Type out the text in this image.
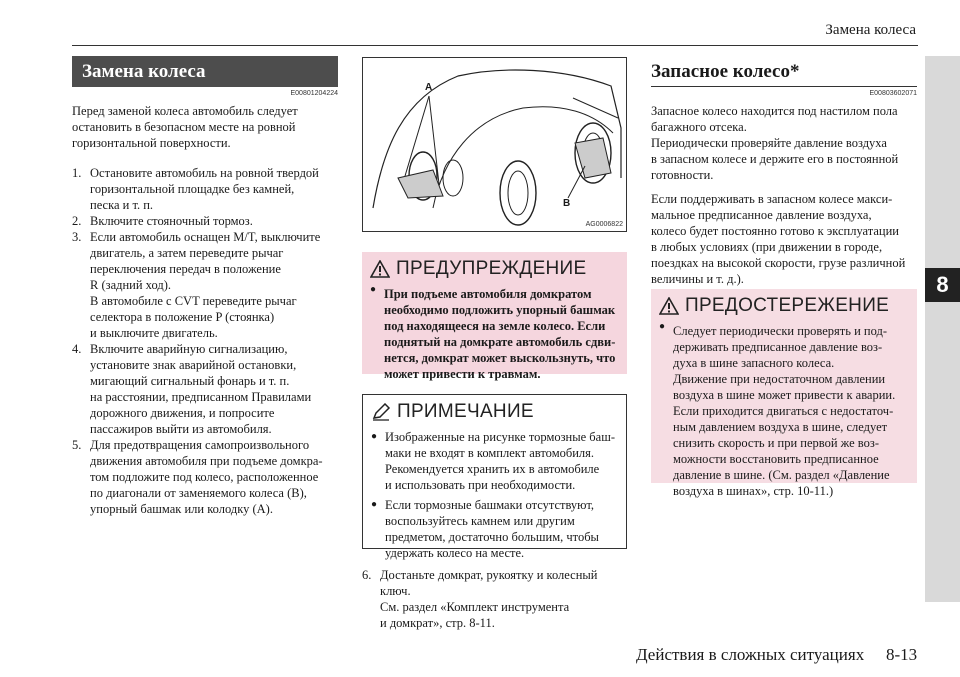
Замена колеса
8
Замена колеса
E00801204224
Перед заменой колеса автомобиль следует
остановить в безопасном месте на ровной
горизонтальной поверхности.
1. Остановите автомобиль на ровной твердой
горизонтальной площадке без камней,
песка и т. п.
2. Включите стояночный тормоз.
3. Если автомобиль оснащен M/T, выключите
двигатель, а затем переведите рычаг
переключения передач в положение
R (задний ход).
В автомобиле с CVT переведите рычаг
селектора в положение P (стоянка)
и выключите двигатель.
4. Включите аварийную сигнализацию,
установите знак аварийной остановки,
мигающий сигнальный фонарь и т. п.
на расстоянии, предписанном Правилами
дорожного движения, и попросите
пассажиров выйти из автомобиля.
5. Для предотвращения самопроизвольного
движения автомобиля при подъеме домкра-
том подложите под колесо, расположенное
по диагонали от заменяемого колеса (B),
упорный башмак или колодку (A).
A
B
AG0006822
ПРЕДУПРЕЖДЕНИЕ
● При подъеме автомобиля домкратом
необходимо подложить упорный башмак
под находящееся на земле колесо. Если
поднятый на домкрате автомобиль сдви-
нется, домкрат может выскользнуть, что
может привести к травмам.
ПРИМЕЧАНИЕ
● Изображенные на рисунке тормозные баш-
маки не входят в комплект автомобиля.
Рекомендуется хранить их в автомобиле
и использовать при необходимости.
● Если тормозные башмаки отсутствуют,
воспользуйтесь камнем или другим
предметом, достаточно большим, чтобы
удержать колесо на месте.
6. Достаньте домкрат, рукоятку и колесный
ключ.
См. раздел «Комплект инструмента
и домкрат», стр. 8-11.
Запасное колесо*
E00803602071
Запасное колесо находится под настилом пола
багажного отсека.
Периодически проверяйте давление воздуха
в запасном колесе и держите его в постоянной
готовности.
Если поддерживать в запасном колесе макси-
мальное предписанное давление воздуха,
колесо будет постоянно готово к эксплуатации
в любых условиях (при движении в городе,
поездках на высокой скорости, грузе различной
величины и т. д.).
ПРЕДОСТЕРЕЖЕНИЕ
● Следует периодически проверять и под-
держивать предписанное давление воз-
духа в шине запасного колеса.
Движение при недостаточном давлении
воздуха в шине может привести к аварии.
Если приходится двигаться с недостаточ-
ным давлением воздуха в шине, следует
снизить скорость и при первой же воз-
можности восстановить предписанное
давление в шине. (См. раздел «Давление
воздуха в шинах», стр. 10-11.)
Действия в сложных ситуациях 8-13
